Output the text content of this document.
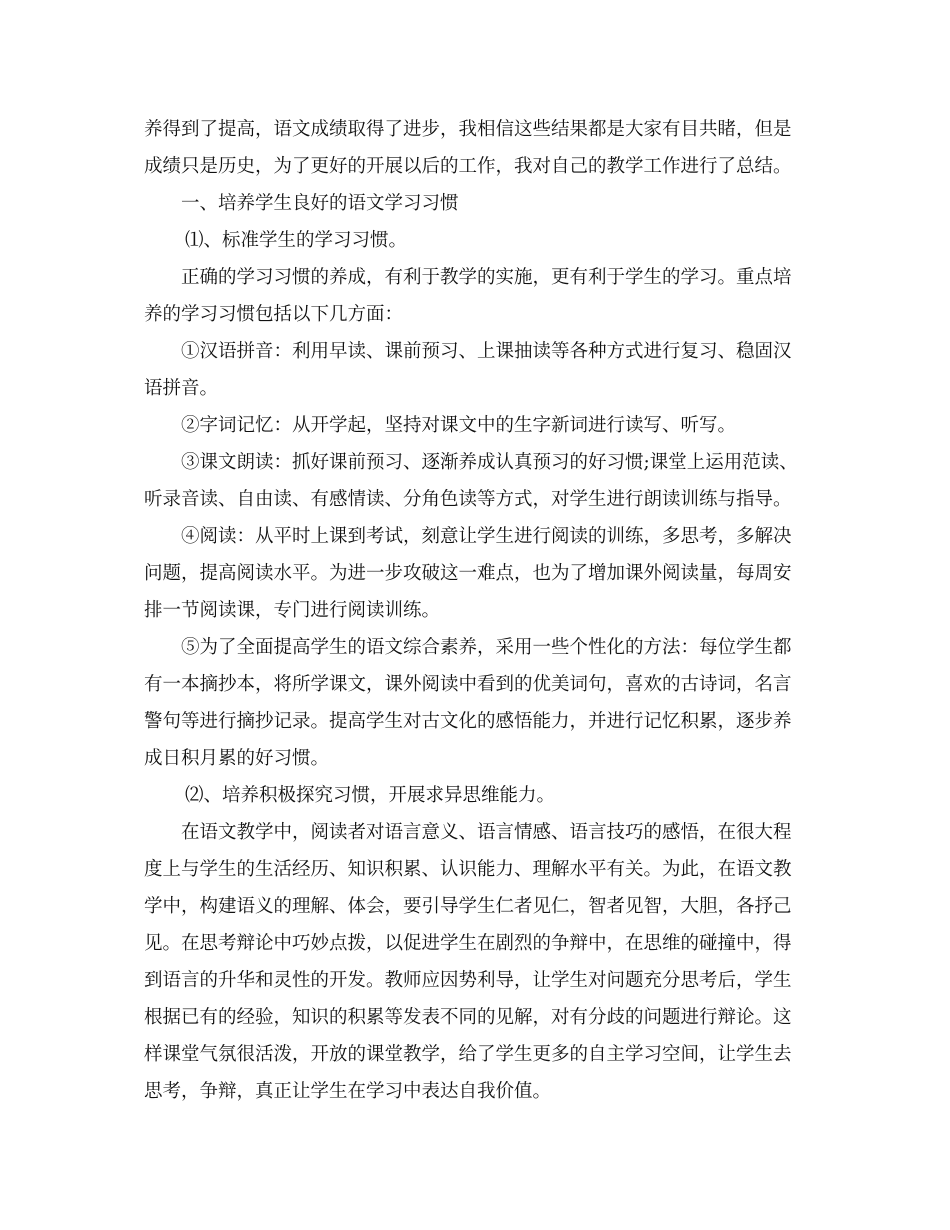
养得到了提高，语文成绩取得了进步，我相信这些结果都是大家有目共睹，但是成绩只是历史，为了更好的开展以后的工作，我对自己的教学工作进行了总结。

一、培养学生良好的语文学习习惯

⑴、标准学生的学习习惯。

正确的学习习惯的养成，有利于教学的实施，更有利于学生的学习。重点培养的学习习惯包括以下几方面：

①汉语拼音：利用早读、课前预习、上课抽读等各种方式进行复习、稳固汉语拼音。

②字词记忆：从开学起，坚持对课文中的生字新词进行读写、听写。

③课文朗读：抓好课前预习、逐渐养成认真预习的好习惯;课堂上运用范读、听录音读、自由读、有感情读、分角色读等方式，对学生进行朗读训练与指导。

④阅读：从平时上课到考试，刻意让学生进行阅读的训练，多思考，多解决问题，提高阅读水平。为进一步攻破这一难点，也为了增加课外阅读量，每周安排一节阅读课，专门进行阅读训练。

⑤为了全面提高学生的语文综合素养，采用一些个性化的方法：每位学生都有一本摘抄本，将所学课文，课外阅读中看到的优美词句，喜欢的古诗词，名言警句等进行摘抄记录。提高学生对古文化的感悟能力，并进行记忆积累，逐步养成日积月累的好习惯。

⑵、培养积极探究习惯，开展求异思维能力。

在语文教学中，阅读者对语言意义、语言情感、语言技巧的感悟，在很大程度上与学生的生活经历、知识积累、认识能力、理解水平有关。为此，在语文教学中，构建语义的理解、体会，要引导学生仁者见仁，智者见智，大胆，各抒己见。在思考辩论中巧妙点拨，以促进学生在剧烈的争辩中，在思维的碰撞中，得到语言的升华和灵性的开发。教师应因势利导，让学生对问题充分思考后，学生根据已有的经验，知识的积累等发表不同的见解，对有分歧的问题进行辩论。这样课堂气氛很活泼，开放的课堂教学，给了学生更多的自主学习空间，让学生去思考，争辩，真正让学生在学习中表达自我价值。
